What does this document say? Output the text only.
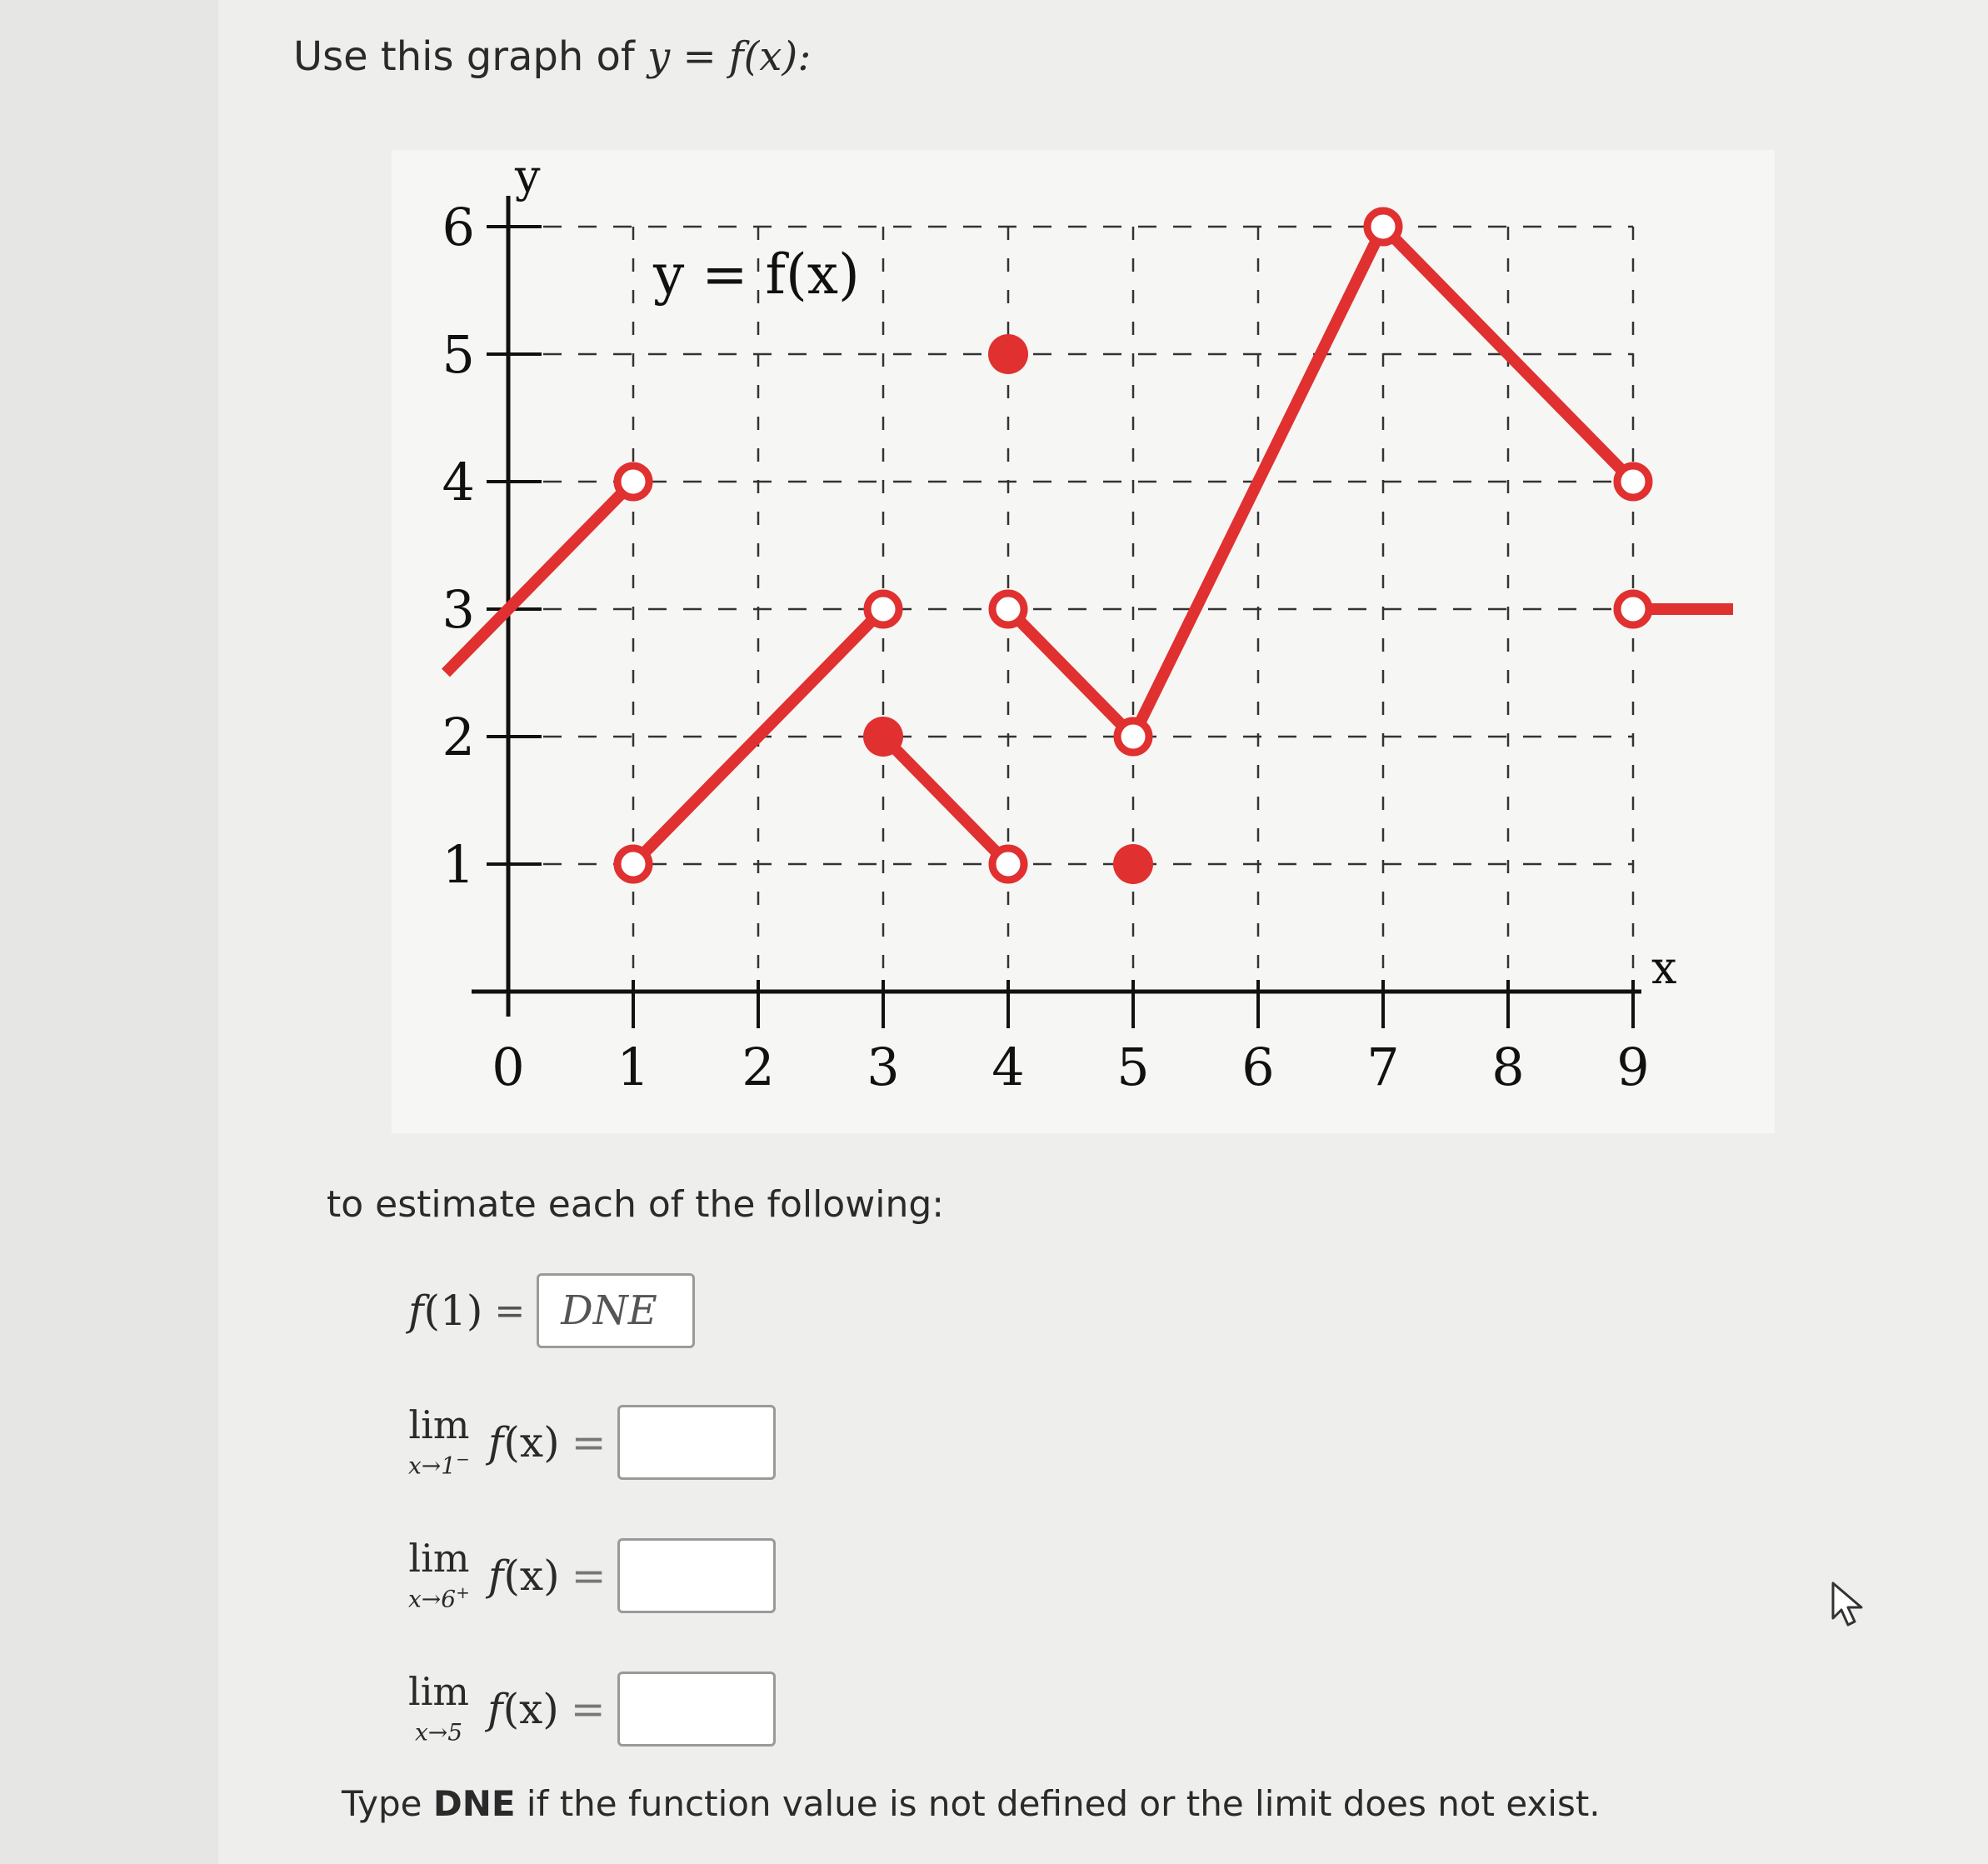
Use this graph of y = f(x):
0 1 2 3 4 5 6 7 8 9
1
2
3
4
5
6
x
y
y = f(x)
to estimate each of the following:
f(1) = DNE
lim
x→1− f(x) =
lim
x→6+ f(x) =
lim
x→5 f(x) =
Type DNE if the function value is not defined or the limit does not exist.
